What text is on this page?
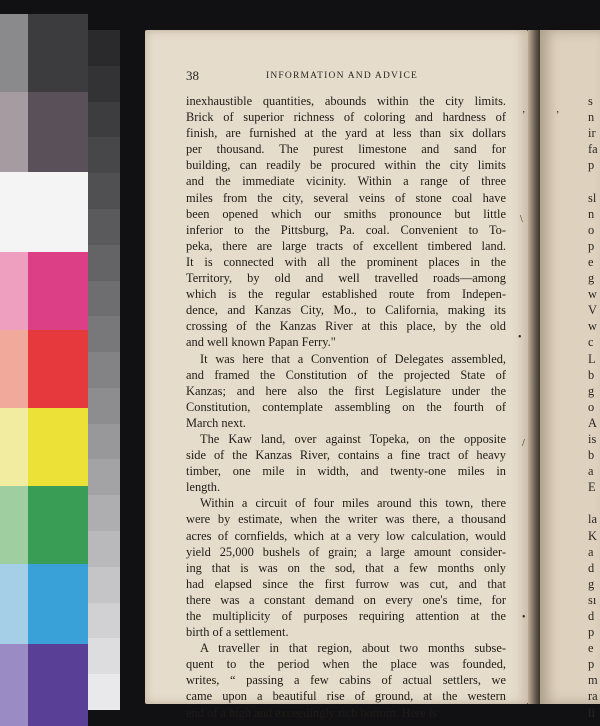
38	INFORMATION AND ADVICE
inexhaustible quantities, abounds within the city limits.
Brick of superior richness of coloring and hardness of
finish, are furnished at the yard at less than six dollars
per thousand. The purest limestone and sand for
building, can readily be procured within the city limits
and the immediate vicinity. Within a range of three
miles from the city, several veins of stone coal have
been opened which our smiths pronounce but little
inferior to the Pittsburg, Pa. coal. Convenient to To-
peka, there are large tracts of excellent timbered land.
It is connected with all the prominent places in the
Territory, by old and well travelled roads—among
which is the regular established route from Indepen-
dence, and Kanzas City, Mo., to California, making its
crossing of the Kanzas River at this place, by the old
and well known Papan Ferry."
It was here that a Convention of Delegates assembled,
and framed the Constitution of the projected State of
Kanzas; and here also the first Legislature under the
Constitution, contemplate assembling on the fourth of
March next.
The Kaw land, over against Topeka, on the opposite
side of the Kanzas River, contains a fine tract of heavy
timber, one mile in width, and twenty-one miles in
length.
Within a circuit of four miles around this town, there
were by estimate, when the writer was there, a thousand
acres of cornfields, which at a very low calculation, would
yield 25,000 bushels of grain; a large amount consider-
ing that is was on the sod, that a few months only
had elapsed since the first furrow was cut, and that
there was a constant demand on every one's time, for
the multiplicity of purposes requiring attention at the
birth of a settlement.
A traveller in that region, about two months subse-
quent to the period when the place was founded,
writes, “ passing a few cabins of actual settlers, we
came upon a beautiful rise of ground, at the western
end of a high and exceedingly rich bottom. Here is
s
n
ir
fa
p
sl
n
o
p
e
g
w
V
w
c
L
b
g
o
A
is
b
a
E
la
K
a
d
g
sı
d
p
e
p
m
ra
li
ʼ	ʼ
\
•
/
•
